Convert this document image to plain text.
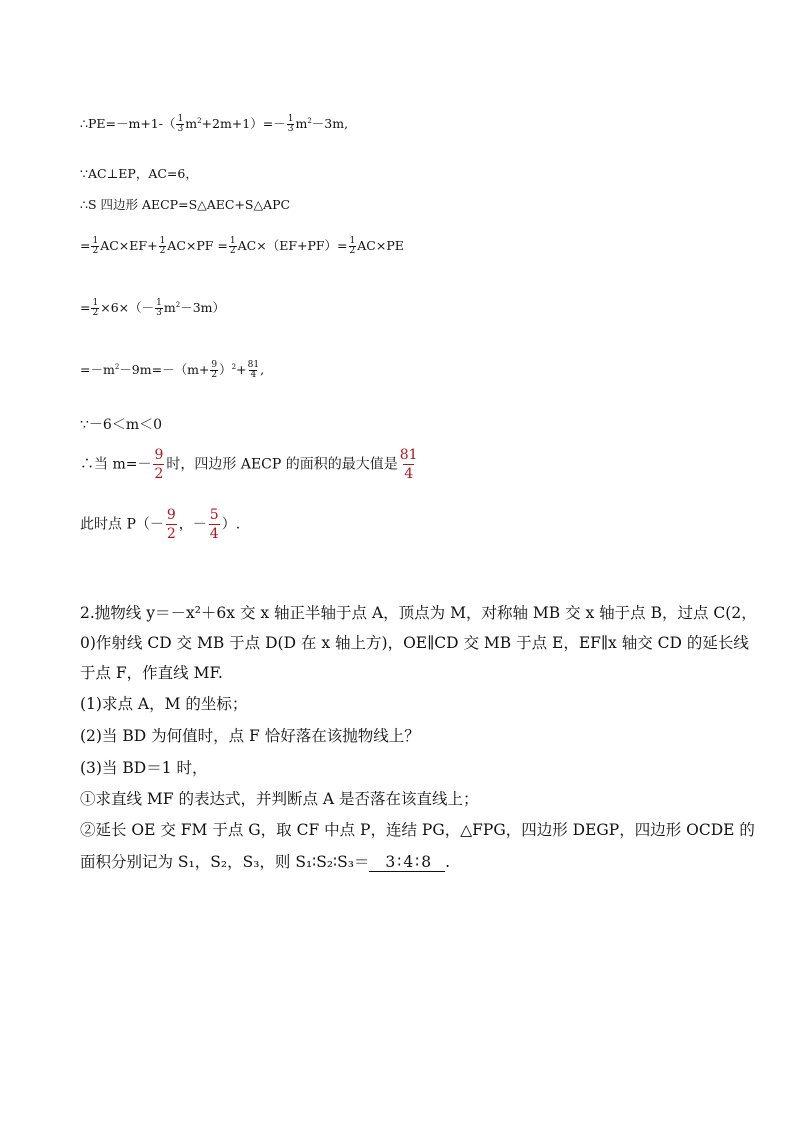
∴PE=－m+1-（ $\frac{1}{3} m^2+2m+1)=- \frac{1}{3} m^2-3m$,
∵AC⊥EP，AC=6，
∴S 四边形 AECP=S△AEC+S△APC
= $\frac{1}{2} AC\times EF+ \frac{1}{2} AC\times PF = \frac{1}{2} AC\times(EF+PF)= \frac{1}{2} AC\times PE$
= $\frac{1}{2} \times 6\times(- \frac{1}{3} m^2-3m)$
$=-m^2-9m=-(m+ \frac{9}{2} )^2+ \frac{81}{4}$ ,
∵－6＜m＜0
∴当 $m=- \frac{9}{2}$ 时，四边形 AECP 的面积的最大值是 $\frac{81}{4}$
此时点 $P(- \frac{9}{2}$ ，－ $\frac{5}{4}$ ）.
2.抛物线 y＝－x²＋6x 交 x 轴正半轴于点 A，顶点为 M，对称轴 MB 交 x 轴于点 B，过点 C(2，
0)作射线 CD 交 MB 于点 D(D 在 x 轴上方)，OE∥CD 交 MB 于点 E，EF∥x 轴交 CD 的延长线
于点 F，作直线 MF.
(1)求点 A，M 的坐标；
(2)当 BD 为何值时，点 F 恰好落在该抛物线上？
(3)当 BD＝1 时，
①求直线 MF 的表达式，并判断点 A 是否落在该直线上；
②延长 OE 交 FM 于点 G，取 CF 中点 P，连结 PG，△FPG，四边形 DEGP，四边形 OCDE 的
面积分别记为 S₁，S₂，S₃，则 S₁∶S₂∶S₃＝ 3∶4∶8 .
